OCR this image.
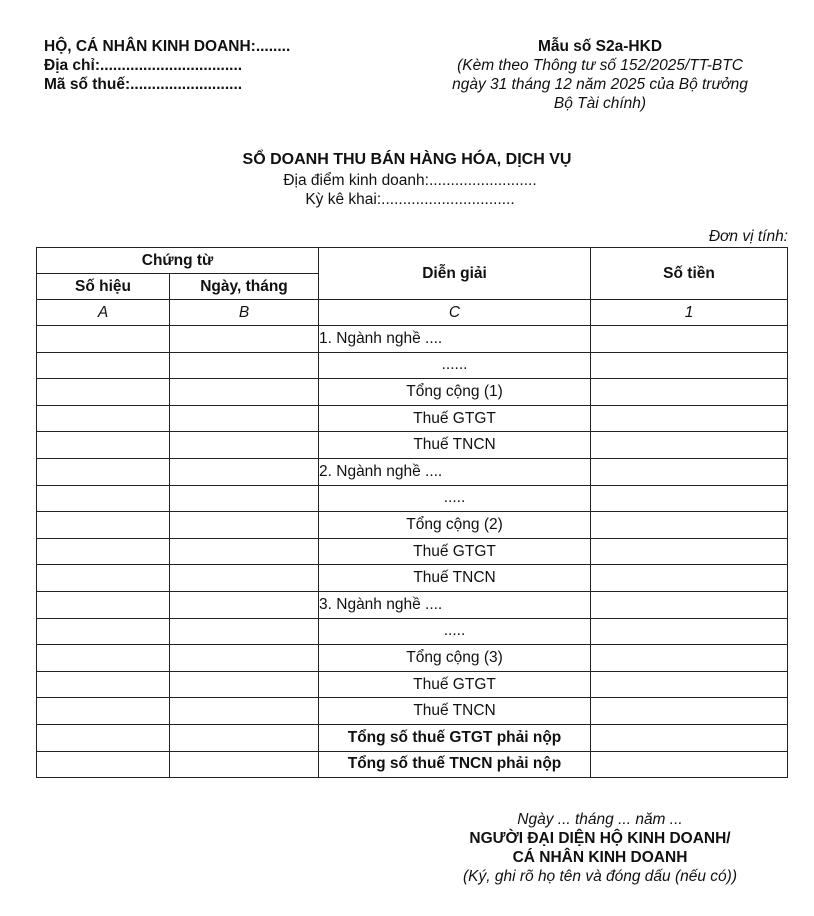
HỘ, CÁ NHÂN KINH DOANH:........
Địa chỉ:.................................
Mã số thuế:..........................
Mẫu số S2a-HKD
(Kèm theo Thông tư số 152/2025/TT-BTC
ngày 31 tháng 12 năm 2025 của Bộ trưởng
Bộ Tài chính)
SỔ DOANH THU BÁN HÀNG HÓA, DỊCH VỤ
Địa điểm kinh doanh:.........................
Kỳ kê khai:...............................
Đơn vị tính:
Chứng từ		Diễn giải	Số tiền
Số hiệu	Ngày, tháng		
A	B	C	1
		1. Ngành nghề ....	
		......	
		Tổng cộng (1)	
		Thuế GTGT	
		Thuế TNCN	
		2. Ngành nghề ....	
		.....	
		Tổng cộng (2)	
		Thuế GTGT	
		Thuế TNCN	
		3. Ngành nghề ....	
		.....	
		Tổng cộng (3)	
		Thuế GTGT	
		Thuế TNCN	
		Tổng số thuế GTGT phải nộp	
		Tổng số thuế TNCN phải nộp	
Ngày ... tháng ... năm ...
NGƯỜI ĐẠI DIỆN HỘ KINH DOANH/
CÁ NHÂN KINH DOANH
(Ký, ghi rõ họ tên và đóng dấu (nếu có))
